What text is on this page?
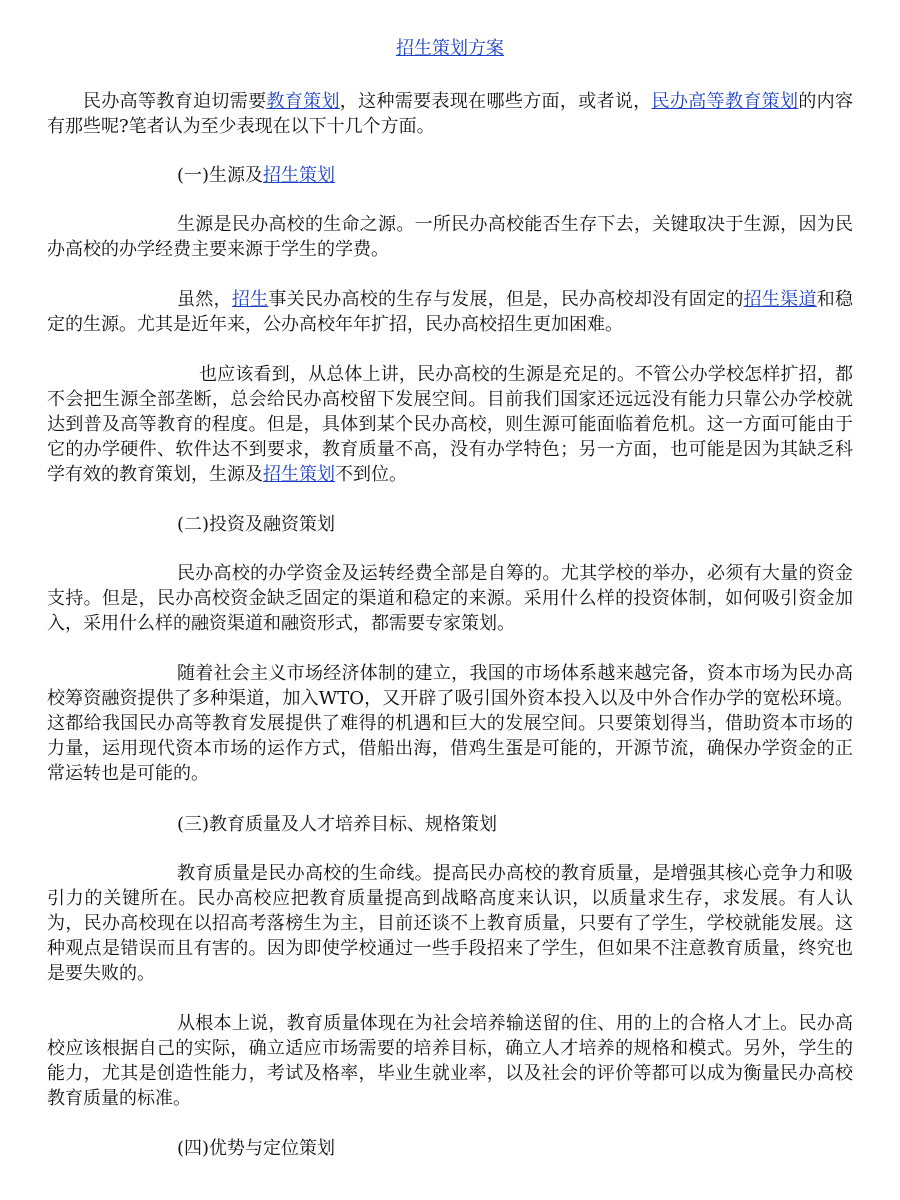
招生策划方案

民办高等教育迫切需要教育策划，这种需要表现在哪些方面，或者说，民办高等教育策划的内容有那些呢?笔者认为至少表现在以下十几个方面。

(一)生源及招生策划

生源是民办高校的生命之源。一所民办高校能否生存下去，关键取决于生源，因为民办高校的办学经费主要来源于学生的学费。

虽然，招生事关民办高校的生存与发展，但是，民办高校却没有固定的招生渠道和稳定的生源。尤其是近年来，公办高校年年扩招，民办高校招生更加困难。

也应该看到，从总体上讲，民办高校的生源是充足的。不管公办学校怎样扩招，都不会把生源全部垄断，总会给民办高校留下发展空间。目前我们国家还远远没有能力只靠公办学校就达到普及高等教育的程度。但是，具体到某个民办高校，则生源可能面临着危机。这一方面可能由于它的办学硬件、软件达不到要求，教育质量不高，没有办学特色；另一方面，也可能是因为其缺乏科学有效的教育策划，生源及招生策划不到位。

(二)投资及融资策划

民办高校的办学资金及运转经费全部是自筹的。尤其学校的举办，必须有大量的资金支持。但是，民办高校资金缺乏固定的渠道和稳定的来源。采用什么样的投资体制，如何吸引资金加入，采用什么样的融资渠道和融资形式，都需要专家策划。

随着社会主义市场经济体制的建立，我国的市场体系越来越完备，资本市场为民办高校筹资融资提供了多种渠道，加入WTO，又开辟了吸引国外资本投入以及中外合作办学的宽松环境。这都给我国民办高等教育发展提供了难得的机遇和巨大的发展空间。只要策划得当，借助资本市场的力量，运用现代资本市场的运作方式，借船出海，借鸡生蛋是可能的，开源节流，确保办学资金的正常运转也是可能的。

(三)教育质量及人才培养目标、规格策划

教育质量是民办高校的生命线。提高民办高校的教育质量，是增强其核心竞争力和吸引力的关键所在。民办高校应把教育质量提高到战略高度来认识，以质量求生存，求发展。有人认为，民办高校现在以招高考落榜生为主，目前还谈不上教育质量，只要有了学生，学校就能发展。这种观点是错误而且有害的。因为即使学校通过一些手段招来了学生，但如果不注意教育质量，终究也是要失败的。

从根本上说，教育质量体现在为社会培养输送留的住、用的上的合格人才上。民办高校应该根据自己的实际，确立适应市场需要的培养目标，确立人才培养的规格和模式。另外，学生的能力，尤其是创造性能力，考试及格率，毕业生就业率，以及社会的评价等都可以成为衡量民办高校教育质量的标准。

(四)优势与定位策划
